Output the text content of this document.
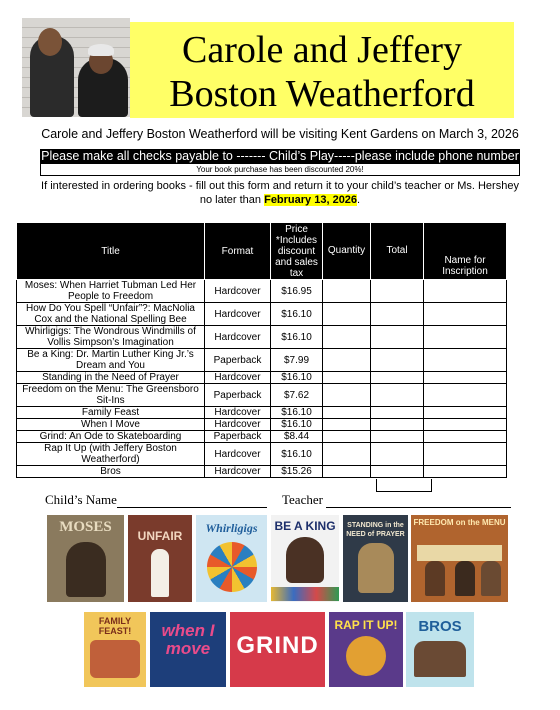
Carole and Jeffery
Boston Weatherford
Carole and Jeffery Boston Weatherford will be visiting Kent Gardens on March 3, 2026
Please make all checks payable to ------- Child’s Play-----please include phone number
Your book purchase has been discounted 20%!
If interested in ordering books - fill out this form and return it to your child’s teacher or Ms. Hershey
no later than February 13, 2026.
Title	Format	Price *Includes discount and sales tax	Quantity	Total	Name for Inscription
Moses: When Harriet Tubman Led Her People to Freedom	Hardcover	$16.95			
How Do You Spell “Unfair”?: MacNolia Cox and the National Spelling Bee	Hardcover	$16.10			
Whirligigs: The Wondrous Windmills of Vollis Simpson’s Imagination	Hardcover	$16.10			
Be a King: Dr. Martin Luther King Jr.’s Dream and You	Paperback	$7.99			
Standing in the Need of Prayer	Hardcover	$16.10			
Freedom on the Menu: The Greensboro Sit-Ins	Paperback	$7.62			
Family Feast	Hardcover	$16.10			
When I Move	Hardcover	$16.10			
Grind: An Ode to Skateboarding	Paperback	$8.44			
Rap It Up (with Jeffery Boston Weatherford)	Hardcover	$16.10			
Bros	Hardcover	$15.26			
Child’s Name	Teacher
MOSES
UNFAIR
Whirligigs	BE A KING	STANDING in the NEED of PRAYER
FREEDOM on the MENU
FAMILY FEAST!	when I move	GRIND
RAP IT UP!	BROS
